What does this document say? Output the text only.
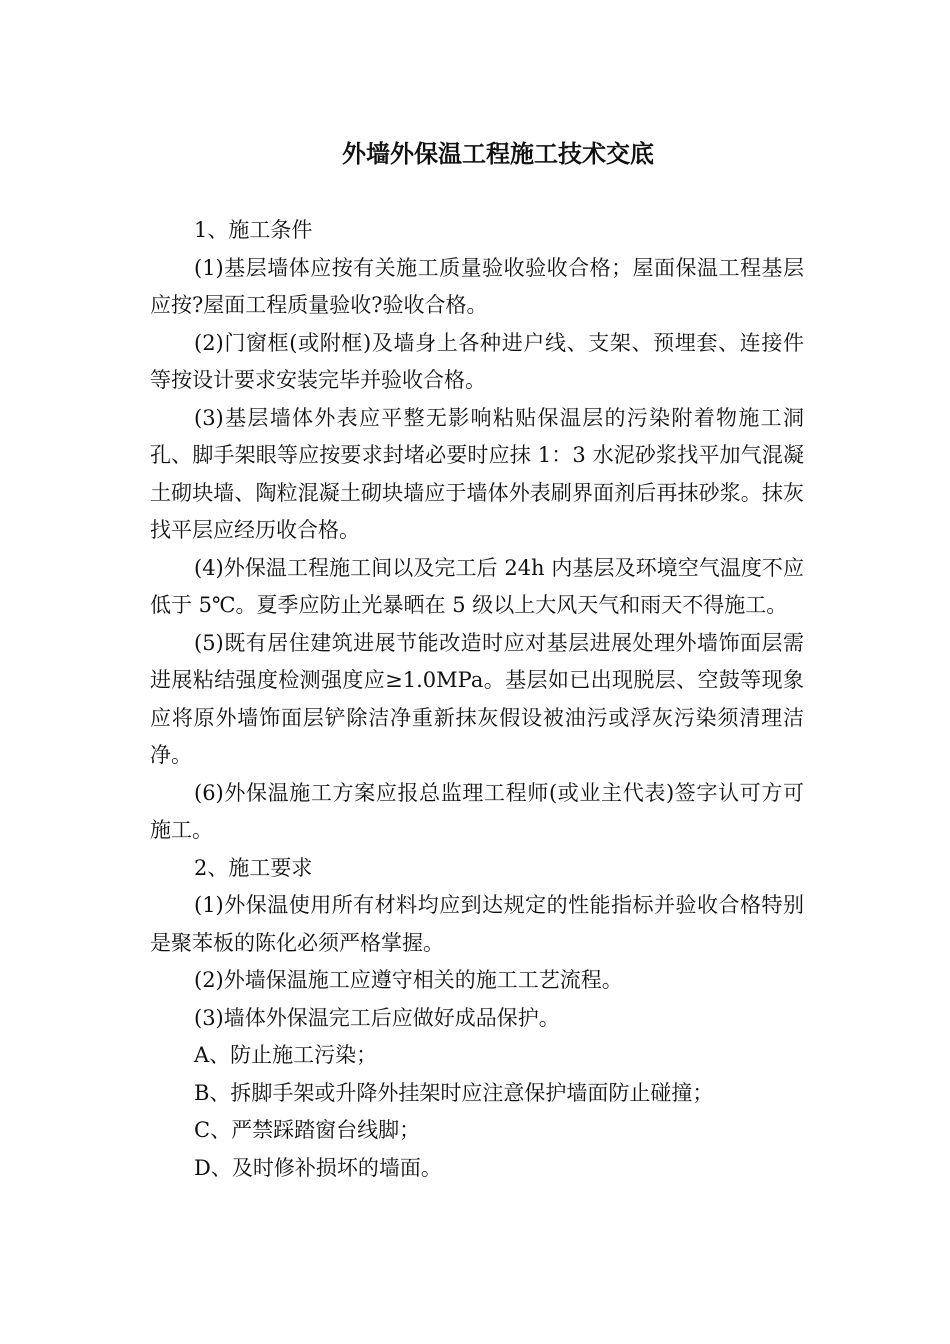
外墙外保温工程施工技术交底

1、施工条件

(1)基层墙体应按有关施工质量验收验收合格；屋面保温工程基层应按?屋面工程质量验收?验收合格。

(2)门窗框(或附框)及墙身上各种进户线、支架、预埋套、连接件等按设计要求安装完毕并验收合格。

(3)基层墙体外表应平整无影响粘贴保温层的污染附着物施工洞孔、脚手架眼等应按要求封堵必要时应抹 1：3 水泥砂浆找平加气混凝土砌块墙、陶粒混凝土砌块墙应于墙体外表刷界面剂后再抹砂浆。抹灰找平层应经历收合格。

(4)外保温工程施工间以及完工后 24h 内基层及环境空气温度不应低于 5℃。夏季应防止光暴晒在 5 级以上大风天气和雨天不得施工。

(5)既有居住建筑进展节能改造时应对基层进展处理外墙饰面层需进展粘结强度检测强度应≥1.0MPa。基层如已出现脱层、空鼓等现象应将原外墙饰面层铲除洁净重新抹灰假设被油污或浮灰污染须清理洁净。

(6)外保温施工方案应报总监理工程师(或业主代表)签字认可方可施工。

2、施工要求

(1)外保温使用所有材料均应到达规定的性能指标并验收合格特别是聚苯板的陈化必须严格掌握。

(2)外墙保温施工应遵守相关的施工工艺流程。

(3)墙体外保温完工后应做好成品保护。

A、防止施工污染；

B、拆脚手架或升降外挂架时应注意保护墙面防止碰撞；

C、严禁踩踏窗台线脚；

D、及时修补损坏的墙面。
